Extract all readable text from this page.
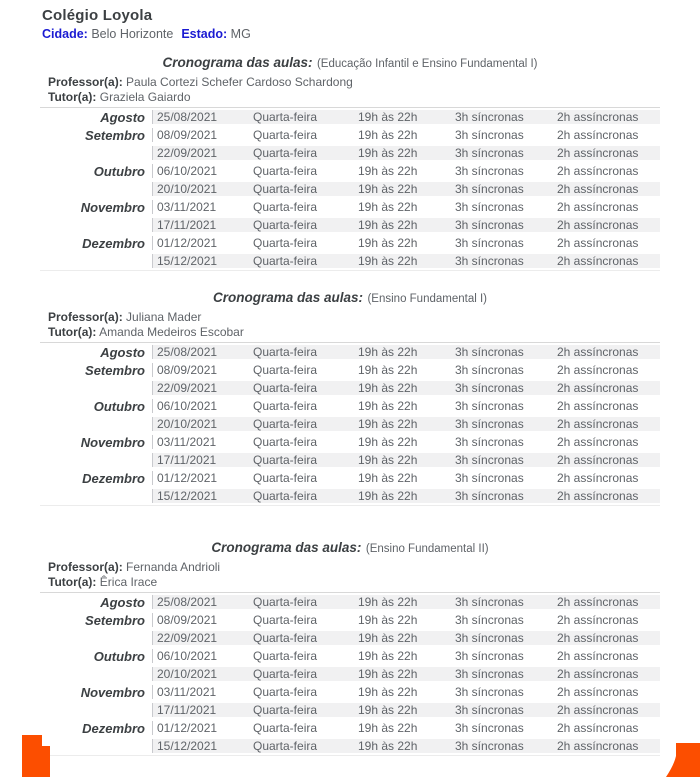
Colégio Loyola
Cidade: Belo Horizonte Estado: MG
Cronograma das aulas: (Educação Infantil e Ensino Fundamental I)
Professor(a): Paula Cortezi Schefer Cardoso Schardong
Tutor(a): Graziela Gaiardo
Agosto	25/08/2021	Quarta-feira	19h às 22h	3h síncronas	2h assíncronas
Setembro	08/09/2021	Quarta-feira	19h às 22h	3h síncronas	2h assíncronas
22/09/2021	Quarta-feira	19h às 22h	3h síncronas	2h assíncronas
Outubro	06/10/2021	Quarta-feira	19h às 22h	3h síncronas	2h assíncronas
20/10/2021	Quarta-feira	19h às 22h	3h síncronas	2h assíncronas
Novembro	03/11/2021	Quarta-feira	19h às 22h	3h síncronas	2h assíncronas
17/11/2021	Quarta-feira	19h às 22h	3h síncronas	2h assíncronas
Dezembro	01/12/2021	Quarta-feira	19h às 22h	3h síncronas	2h assíncronas
15/12/2021	Quarta-feira	19h às 22h	3h síncronas	2h assíncronas
Cronograma das aulas: (Ensino Fundamental I)
Professor(a): Juliana Mader
Tutor(a): Amanda Medeiros Escobar
Agosto	25/08/2021	Quarta-feira	19h às 22h	3h síncronas	2h assíncronas
Setembro	08/09/2021	Quarta-feira	19h às 22h	3h síncronas	2h assíncronas
22/09/2021	Quarta-feira	19h às 22h	3h síncronas	2h assíncronas
Outubro	06/10/2021	Quarta-feira	19h às 22h	3h síncronas	2h assíncronas
20/10/2021	Quarta-feira	19h às 22h	3h síncronas	2h assíncronas
Novembro	03/11/2021	Quarta-feira	19h às 22h	3h síncronas	2h assíncronas
17/11/2021	Quarta-feira	19h às 22h	3h síncronas	2h assíncronas
Dezembro	01/12/2021	Quarta-feira	19h às 22h	3h síncronas	2h assíncronas
15/12/2021	Quarta-feira	19h às 22h	3h síncronas	2h assíncronas
Cronograma das aulas: (Ensino Fundamental II)
Professor(a): Fernanda Andrioli
Tutor(a): Êrica Irace
Agosto	25/08/2021	Quarta-feira	19h às 22h	3h síncronas	2h assíncronas
Setembro	08/09/2021	Quarta-feira	19h às 22h	3h síncronas	2h assíncronas
22/09/2021	Quarta-feira	19h às 22h	3h síncronas	2h assíncronas
Outubro	06/10/2021	Quarta-feira	19h às 22h	3h síncronas	2h assíncronas
20/10/2021	Quarta-feira	19h às 22h	3h síncronas	2h assíncronas
Novembro	03/11/2021	Quarta-feira	19h às 22h	3h síncronas	2h assíncronas
17/11/2021	Quarta-feira	19h às 22h	3h síncronas	2h assíncronas
Dezembro	01/12/2021	Quarta-feira	19h às 22h	3h síncronas	2h assíncronas
15/12/2021	Quarta-feira	19h às 22h	3h síncronas	2h assíncronas
